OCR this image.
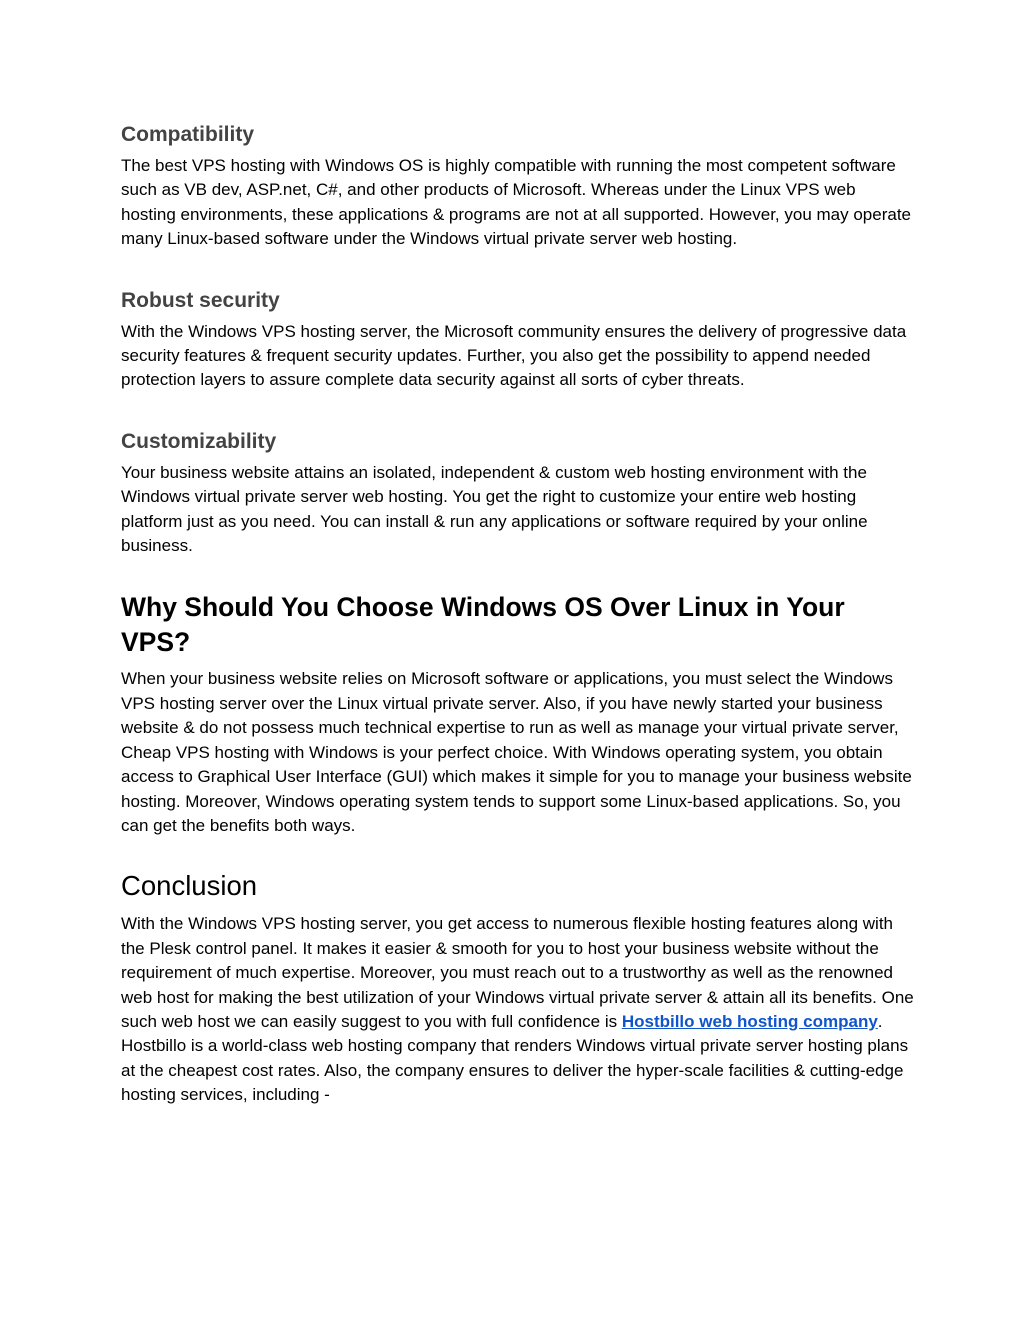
Compatibility

The best VPS hosting with Windows OS is highly compatible with running the most competent software such as VB dev, ASP.net, C#, and other products of Microsoft. Whereas under the Linux VPS web hosting environments, these applications & programs are not at all supported. However, you may operate many Linux-based software under the Windows virtual private server web hosting.

Robust security

With the Windows VPS hosting server, the Microsoft community ensures the delivery of progressive data security features & frequent security updates. Further, you also get the possibility to append needed protection layers to assure complete data security against all sorts of cyber threats.

Customizability

Your business website attains an isolated, independent & custom web hosting environment with the Windows virtual private server web hosting. You get the right to customize your entire web hosting platform just as you need. You can install & run any applications or software required by your online business.

Why Should You Choose Windows OS Over Linux in Your VPS?

When your business website relies on Microsoft software or applications, you must select the Windows VPS hosting server over the Linux virtual private server. Also, if you have newly started your business website & do not possess much technical expertise to run as well as manage your virtual private server, Cheap VPS hosting with Windows is your perfect choice. With Windows operating system, you obtain access to Graphical User Interface (GUI) which makes it simple for you to manage your business website hosting. Moreover, Windows operating system tends to support some Linux-based applications. So, you can get the benefits both ways.

Conclusion

With the Windows VPS hosting server, you get access to numerous flexible hosting features along with the Plesk control panel. It makes it easier & smooth for you to host your business website without the requirement of much expertise. Moreover, you must reach out to a trustworthy as well as the renowned web host for making the best utilization of your Windows virtual private server & attain all its benefits. One such web host we can easily suggest to you with full confidence is Hostbillo web hosting company. Hostbillo is a world-class web hosting company that renders Windows virtual private server hosting plans at the cheapest cost rates. Also, the company ensures to deliver the hyper-scale facilities & cutting-edge hosting services, including -
